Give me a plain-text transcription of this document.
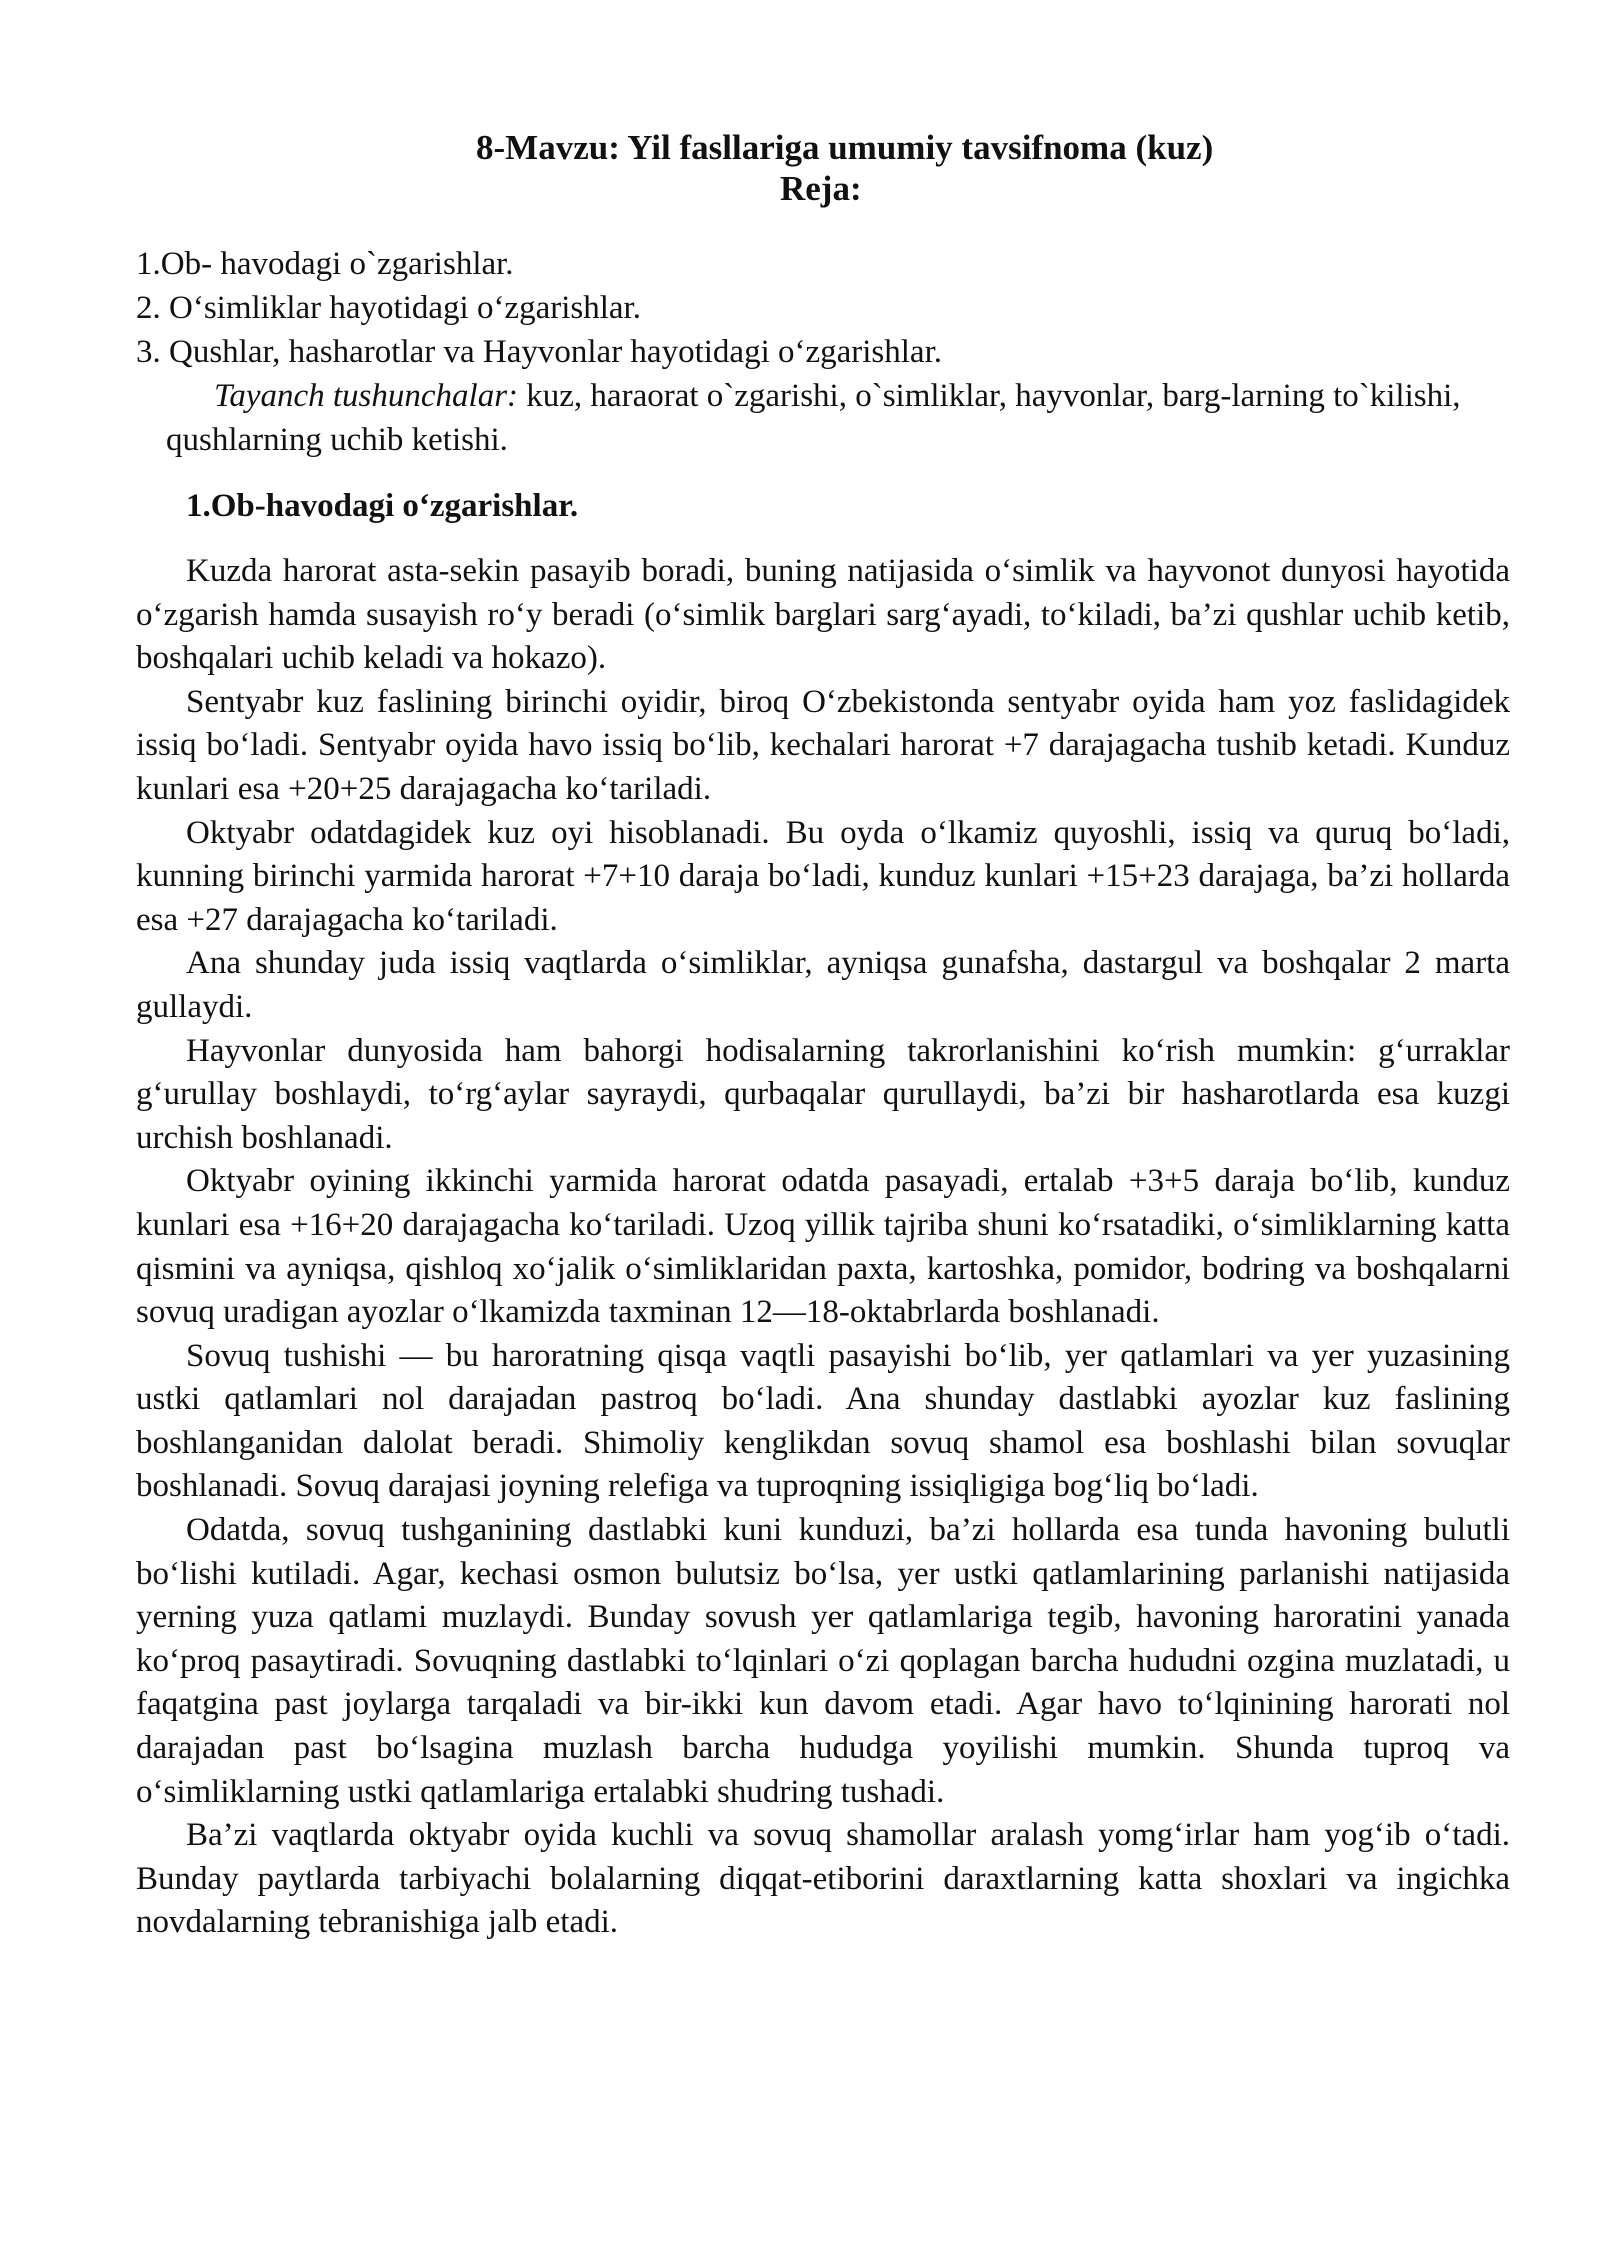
8-Mavzu: Yil fasllariga umumiy tavsifnoma (kuz)
Reja:
1.Ob- havodagi o`zgarishlar.
2. O‘simliklar hayotidagi o‘zgarishlar.
3. Qushlar, hasharotlar va Hayvonlar hayotidagi o‘zgarishlar.

Tayanch tushunchalar: kuz, haraorat o`zgarishi, o`simliklar, hayvonlar, barg-larning to`kilishi, qushlarning uchib ketishi.

1.Ob-havodagi o‘zgarishlar.

Kuzda harorat asta-sekin pasayib boradi, buning natijasida o‘simlik va hayvonot dunyosi hayotida o‘zgarish hamda susayish ro‘y beradi (o‘simlik barglari sarg‘ayadi, to‘kiladi, ba’zi qushlar uchib ketib, boshqalari uchib keladi va hokazo).

Sentyabr kuz faslining birinchi oyidir, biroq O‘zbekistonda sentyabr oyida ham yoz faslidagidek issiq bo‘ladi. Sentyabr oyida havo issiq bo‘lib, kechalari harorat +7 darajagacha tushib ketadi. Kunduz kunlari esa +20+25 darajagacha ko‘tariladi.

Oktyabr odatdagidek kuz oyi hisoblanadi. Bu oyda o‘lkamiz quyoshli, issiq va quruq bo‘ladi, kunning birinchi yarmida harorat +7+10 daraja bo‘ladi, kunduz kunlari +15+23 darajaga, ba’zi hollarda esa +27 darajagacha ko‘tariladi.

Ana shunday juda issiq vaqtlarda o‘simliklar, ayniqsa gunafsha, dastargul va boshqalar 2 marta gullaydi.

Hayvonlar dunyosida ham bahorgi hodisalarning takrorlanishini ko‘rish mumkin: g‘urraklar g‘urullay boshlaydi, to‘rg‘aylar sayraydi, qurbaqalar qurullaydi, ba’zi bir hasharotlarda esa kuzgi urchish boshlanadi.

Oktyabr oyining ikkinchi yarmida harorat odatda pasayadi, ertalab +3+5 daraja bo‘lib, kunduz kunlari esa +16+20 darajagacha ko‘tariladi. Uzoq yillik tajriba shuni ko‘rsatadiki, o‘simliklarning katta qismini va ayniqsa, qishloq xo‘jalik o‘simliklaridan paxta, kartoshka, pomidor, bodring va boshqalarni sovuq uradigan ayozlar o‘lkamizda taxminan 12—18-oktabrlarda boshlanadi.

Sovuq tushishi — bu haroratning qisqa vaqtli pasayishi bo‘lib, yer qatlamlari va yer yuzasining ustki qatlamlari nol darajadan pastroq bo‘ladi. Ana shunday dastlabki ayozlar kuz faslining boshlanganidan dalolat beradi. Shimoliy kenglikdan sovuq shamol esa boshlashi bilan sovuqlar boshlanadi. Sovuq darajasi joyning relefiga va tuproqning issiqligiga bog‘liq bo‘ladi.

Odatda, sovuq tushganining dastlabki kuni kunduzi, ba’zi hollarda esa tunda havoning bulutli bo‘lishi kutiladi. Agar, kechasi osmon bulutsiz bo‘lsa, yer ustki qatlamlarining parlanishi natijasida yerning yuza qatlami muzlaydi. Bunday sovush yer qatlamlariga tegib, havoning haroratini yanada ko‘proq pasaytiradi. Sovuqning dastlabki to‘lqinlari o‘zi qoplagan barcha hududni ozgina muzlatadi, u faqatgina past joylarga tarqaladi va bir-ikki kun davom etadi. Agar havo to‘lqinining harorati nol darajadan past bo‘lsagina muzlash barcha hududga yoyilishi mumkin. Shunda tuproq va o‘simliklarning ustki qatlamlariga ertalabki shudring tushadi.

Ba’zi vaqtlarda oktyabr oyida kuchli va sovuq shamollar aralash yomg‘irlar ham yog‘ib o‘tadi. Bunday paytlarda tarbiyachi bolalarning diqqat-etiborini daraxtlarning katta shoxlari va ingichka novdalarning tebranishiga jalb etadi.
